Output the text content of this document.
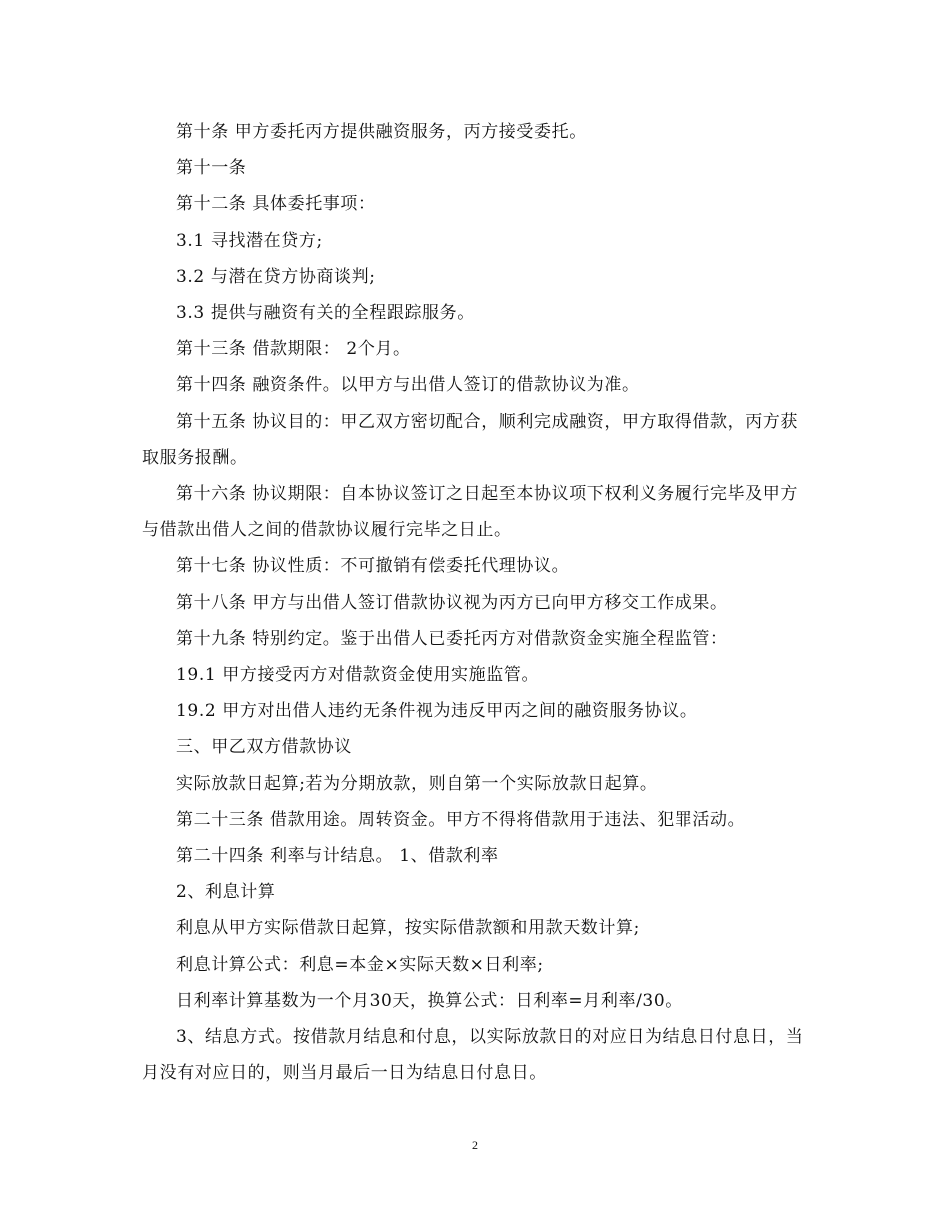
第十条 甲方委托丙方提供融资服务，丙方接受委托。

第十一条

第十二条 具体委托事项：

3.1 寻找潜在贷方;

3.2 与潜在贷方协商谈判;

3.3 提供与融资有关的全程跟踪服务。

第十三条 借款期限： 2个月。

第十四条 融资条件。以甲方与出借人签订的借款协议为准。

第十五条 协议目的：甲乙双方密切配合，顺利完成融资，甲方取得借款，丙方获取服务报酬。

第十六条 协议期限：自本协议签订之日起至本协议项下权利义务履行完毕及甲方与借款出借人之间的借款协议履行完毕之日止。

第十七条 协议性质：不可撤销有偿委托代理协议。

第十八条 甲方与出借人签订借款协议视为丙方已向甲方移交工作成果。

第十九条 特别约定。鉴于出借人已委托丙方对借款资金实施全程监管：

19.1 甲方接受丙方对借款资金使用实施监管。

19.2 甲方对出借人违约无条件视为违反甲丙之间的融资服务协议。

三、甲乙双方借款协议

实际放款日起算;若为分期放款，则自第一个实际放款日起算。

第二十三条 借款用途。周转资金。甲方不得将借款用于违法、犯罪活动。

第二十四条 利率与计结息。 1、借款利率

2、利息计算

利息从甲方实际借款日起算，按实际借款额和用款天数计算;

利息计算公式：利息=本金×实际天数×日利率;

日利率计算基数为一个月30天，换算公式：日利率=月利率/30。

3、结息方式。按借款月结息和付息，以实际放款日的对应日为结息日付息日，当月没有对应日的，则当月最后一日为结息日付息日。

2
